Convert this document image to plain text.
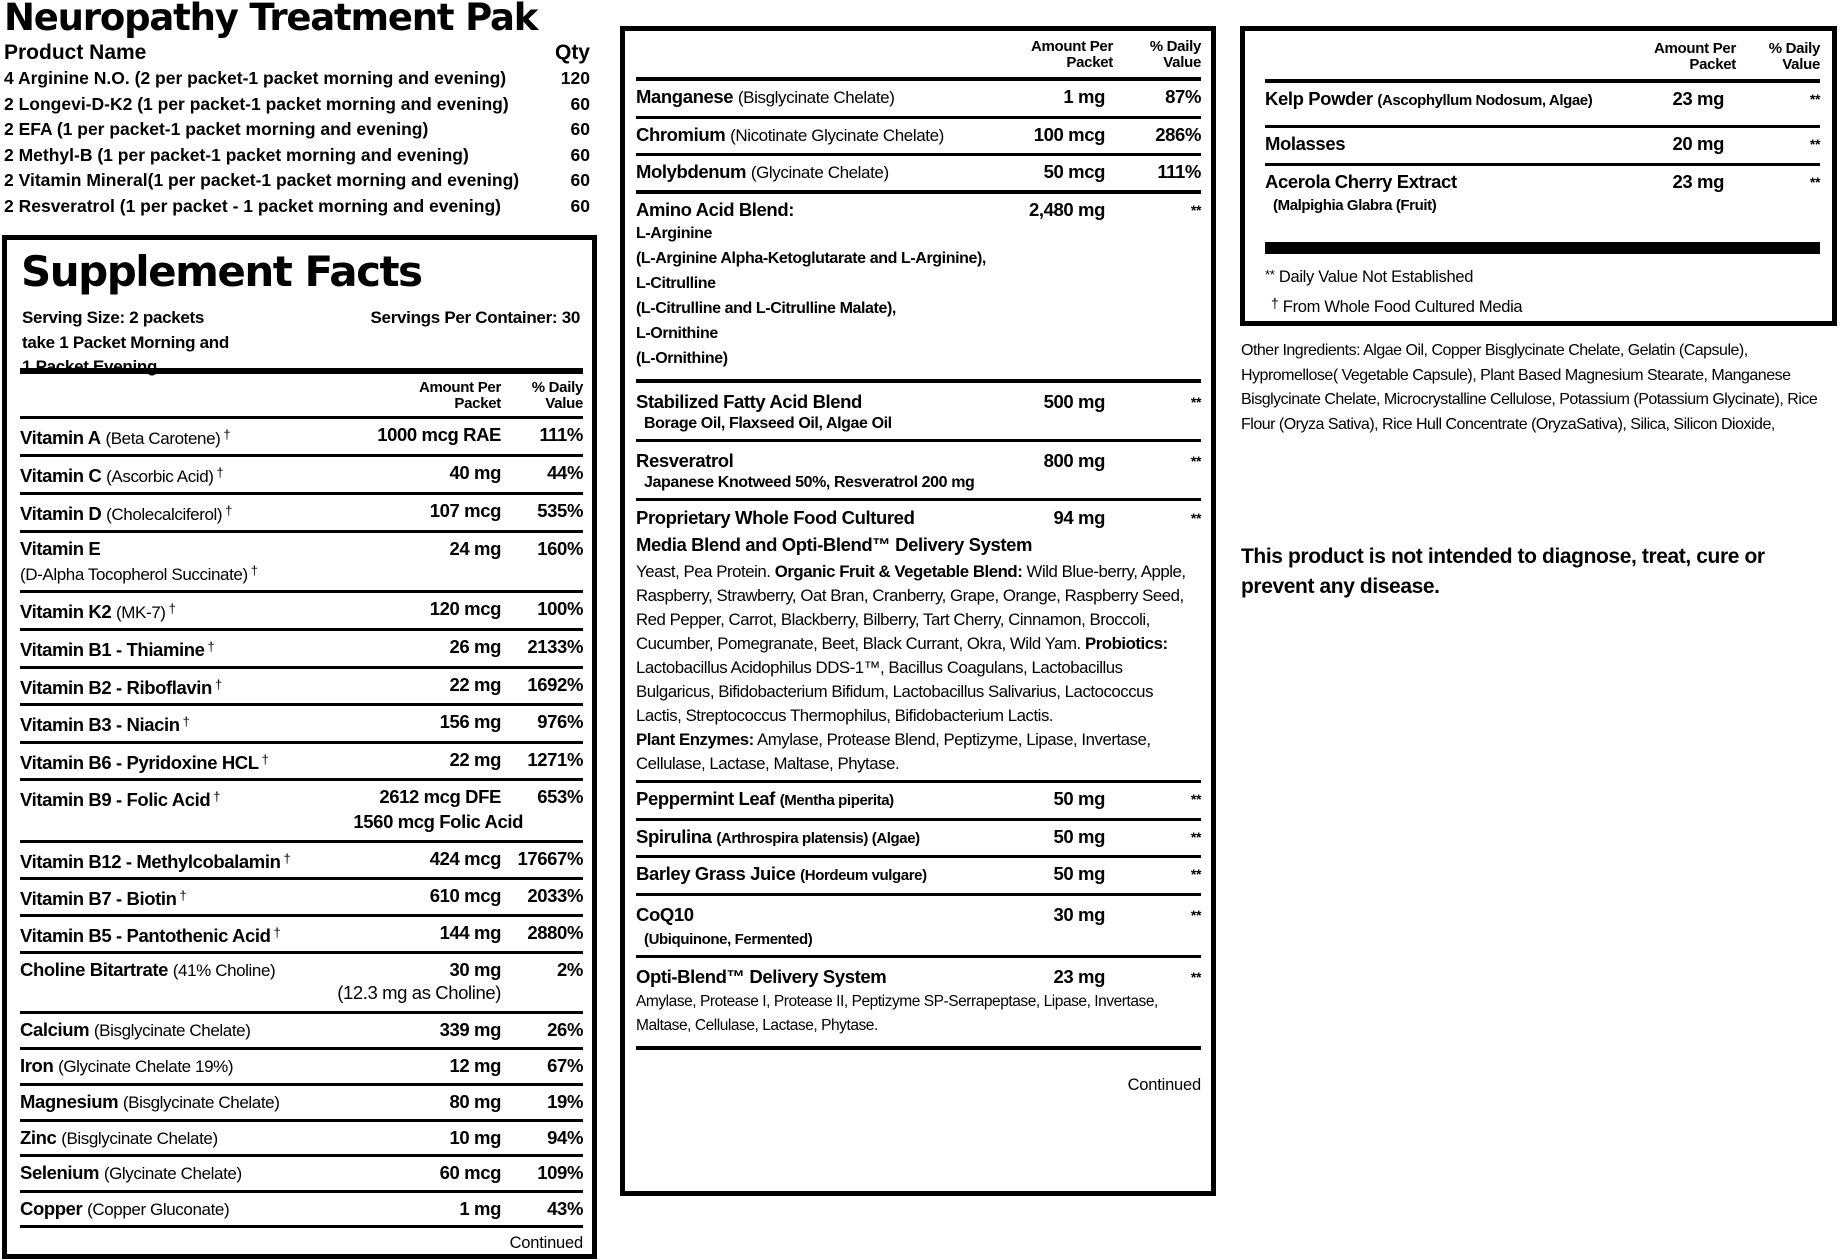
Neuropathy Treatment Pak
Product Name	Qty
4 Arginine N.O. (2 per packet-1 packet morning and evening)	120
2 Longevi-D-K2 (1 per packet-1 packet morning and evening)	60
2 EFA (1 per packet-1 packet morning and evening)	60
2 Methyl-B (1 per packet-1 packet morning and evening)	60
2 Vitamin Mineral(1 per packet-1 packet morning and evening)	60
2 Resveratrol (1 per packet - 1 packet morning and evening)	60
Supplement Facts
Serving Size: 2 packets
take 1 Packet Morning and
1 Packet Evening
Servings Per Container: 30
Amount Per
Packet
% Daily
Value
Vitamin A (Beta Carotene) †	1000 mcg RAE	111%
Vitamin C (Ascorbic Acid) †	40 mg	44%
Vitamin D (Cholecalciferol) †	107 mcg	535%
Vitamin E
(D-Alpha Tocopherol Succinate) †
24 mg	160%
Vitamin K2 (MK-7) †	120 mcg	100%
Vitamin B1 - Thiamine †	26 mg	2133%
Vitamin B2 - Riboflavin †	22 mg	1692%
Vitamin B3 - Niacin †	156 mg	976%
Vitamin B6 - Pyridoxine HCL †	22 mg	1271%
Vitamin B9 - Folic Acid †	2612 mcg DFE	653%
1560 mcg Folic Acid
Vitamin B12 - Methylcobalamin †	424 mcg 17667%
Vitamin B7 - Biotin †	610 mcg	2033%
Vitamin B5 - Pantothenic Acid †	144 mg	2880%
Choline Bitartrate (41% Choline)	30 mg	2%
(12.3 mg as Choline)
Calcium (Bisglycinate Chelate)	339 mg	26%
Iron (Glycinate Chelate 19%)	12 mg	67%
Magnesium (Bisglycinate Chelate)	80 mg	19%
Zinc (Bisglycinate Chelate)	10 mg	94%
Selenium (Glycinate Chelate)	60 mcg	109%
Copper (Copper Gluconate)	1 mg	43%
Continued
Amount Per
Packet
% Daily
Value
Manganese (Bisglycinate Chelate)	1 mg	87%
Chromium (Nicotinate Glycinate Chelate)	100 mcg	286%
Molybdenum (Glycinate Chelate)	50 mcg	111%
Amino Acid Blend:
L-Arginine
(L-Arginine Alpha-Ketoglutarate and L-Arginine),
L-Citrulline
(L-Citrulline and L-Citrulline Malate),
L-Ornithine
(L-Ornithine)
2,480 mg	**
Stabilized Fatty Acid Blend
Borage Oil, Flaxseed Oil, Algae Oil
500 mg	**
Resveratrol
Japanese Knotweed 50%, Resveratrol 200 mg
800 mg	**
Proprietary Whole Food Cultured	94 mg	**
Media Blend and Opti-Blend™ Delivery System
Yeast, Pea Protein. Organic Fruit & Vegetable Blend: Wild Blue-berry, Apple, Raspberry, Strawberry, Oat Bran, Cranberry, Grape, Orange, Raspberry Seed, Red Pepper, Carrot, Blackberry, Bilberry, Tart Cherry, Cinnamon, Broccoli, Cucumber, Pomegranate, Beet, Black Currant, Okra, Wild Yam. Probiotics: Lactobacillus Acidophilus DDS-1™, Bacillus Coagulans, Lactobacillus Bulgaricus, Bifidobacterium Bifidum, Lactobacillus Salivarius, Lactococcus Lactis, Streptococcus Thermophilus, Bifidobacterium Lactis.
Plant Enzymes: Amylase, Protease Blend, Peptizyme, Lipase, Invertase, Cellulase, Lactase, Maltase, Phytase.
Peppermint Leaf (Mentha piperita)	50 mg	**
Spirulina (Arthrospira platensis) (Algae)	50 mg	**
Barley Grass Juice (Hordeum vulgare)	50 mg	**
CoQ10
(Ubiquinone, Fermented)
30 mg	**
Opti-Blend™ Delivery System	23 mg	**
Amylase, Protease I, Protease II, Peptizyme SP-Serrapeptase, Lipase, Invertase, Maltase, Cellulase, Lactase, Phytase.
Continued
Amount Per
Packet
% Daily
Value
Kelp Powder (Ascophyllum Nodosum, Algae)	23 mg	**
Molasses	20 mg	**
Acerola Cherry Extract
(Malpighia Glabra (Fruit)
23 mg	**
** Daily Value Not Established
† From Whole Food Cultured Media
Other Ingredients: Algae Oil, Copper Bisglycinate Chelate, Gelatin (Capsule), Hypromellose( Vegetable Capsule), Plant Based Magnesium Stearate, Manganese Bisglycinate Chelate, Microcrystalline Cellulose, Potassium (Potassium Glycinate), Rice Flour (Oryza Sativa), Rice Hull Concentrate (OryzaSativa), Silica, Silicon Dioxide,
This product is not intended to diagnose, treat, cure or prevent any disease.
